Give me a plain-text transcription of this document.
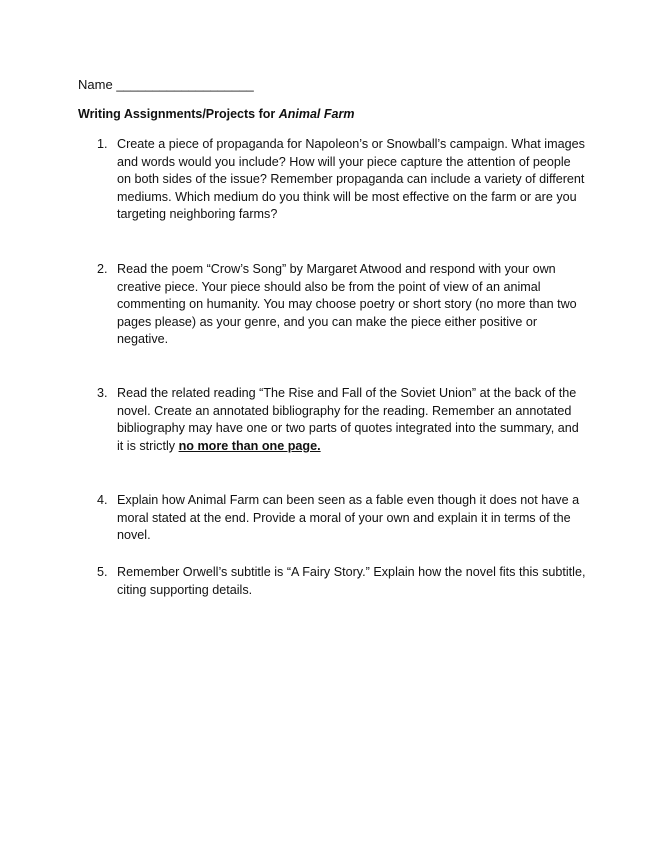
Name ___________________
Writing Assignments/Projects for Animal Farm
1. Create a piece of propaganda for Napoleon’s or Snowball’s campaign. What images and words would you include? How will your piece capture the attention of people on both sides of the issue? Remember propaganda can include a variety of different mediums. Which medium do you think will be most effective on the farm or are you targeting neighboring farms?
2. Read the poem “Crow’s Song” by Margaret Atwood and respond with your own creative piece. Your piece should also be from the point of view of an animal commenting on humanity. You may choose poetry or short story (no more than two pages please) as your genre, and you can make the piece either positive or negative.
3. Read the related reading “The Rise and Fall of the Soviet Union” at the back of the novel. Create an annotated bibliography for the reading. Remember an annotated bibliography may have one or two parts of quotes integrated into the summary, and it is strictly no more than one page.
4. Explain how Animal Farm can been seen as a fable even though it does not have a moral stated at the end. Provide a moral of your own and explain it in terms of the novel.
5. Remember Orwell’s subtitle is “A Fairy Story.” Explain how the novel fits this subtitle, citing supporting details.
